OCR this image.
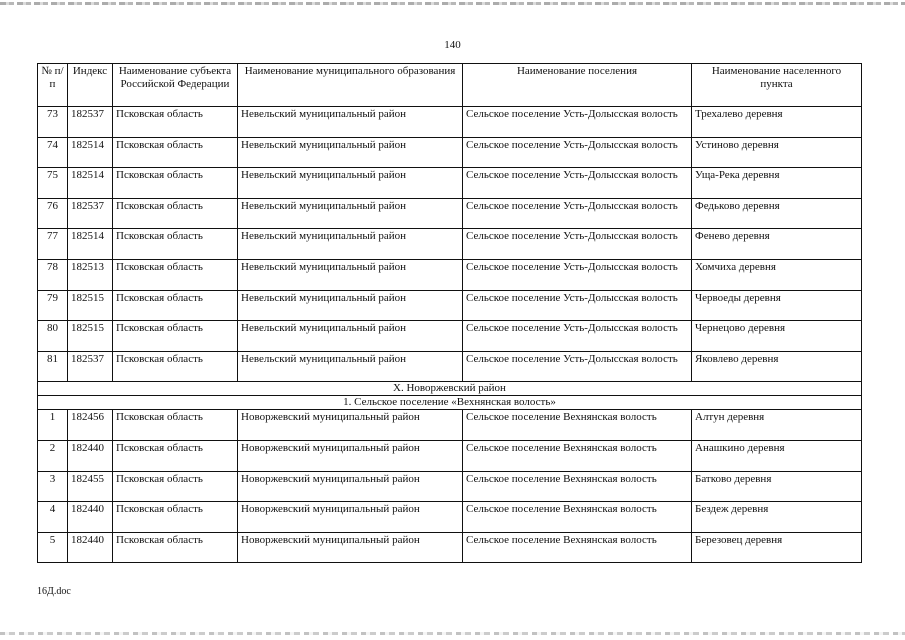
140
№ п/п	Индекс	Наименование субъекта Российской Федерации	Наименование муниципального образования	Наименование поселения	Наименование населенного пункта
73	182537	Псковская область	Невельский муниципальный район	Сельское поселение Усть-Долысская волость	Трехалево деревня
74	182514	Псковская область	Невельский муниципальный район	Сельское поселение Усть-Долысская волость	Устиново деревня
75	182514	Псковская область	Невельский муниципальный район	Сельское поселение Усть-Долысская волость	Уща-Река деревня
76	182537	Псковская область	Невельский муниципальный район	Сельское поселение Усть-Долысская волость	Федьково деревня
77	182514	Псковская область	Невельский муниципальный район	Сельское поселение Усть-Долысская волость	Фенево деревня
78	182513	Псковская область	Невельский муниципальный район	Сельское поселение Усть-Долысская волость	Хомчиха деревня
79	182515	Псковская область	Невельский муниципальный район	Сельское поселение Усть-Долысская волость	Червоеды деревня
80	182515	Псковская область	Невельский муниципальный район	Сельское поселение Усть-Долысская волость	Чернецово деревня
81	182537	Псковская область	Невельский муниципальный район	Сельское поселение Усть-Долысская волость	Яковлево деревня
X. Новоржевский район					
1. Сельское поселение «Вехнянская волость»					
1	182456	Псковская область	Новоржевский муниципальный район	Сельское поселение Вехнянская волость	Алтун деревня
2	182440	Псковская область	Новоржевский муниципальный район	Сельское поселение Вехнянская волость	Анашкино деревня
3	182455	Псковская область	Новоржевский муниципальный район	Сельское поселение Вехнянская волость	Батково деревня
4	182440	Псковская область	Новоржевский муниципальный район	Сельское поселение Вехнянская волость	Бездеж деревня
5	182440	Псковская область	Новоржевский муниципальный район	Сельское поселение Вехнянская волость	Березовец деревня
16Д.doc
